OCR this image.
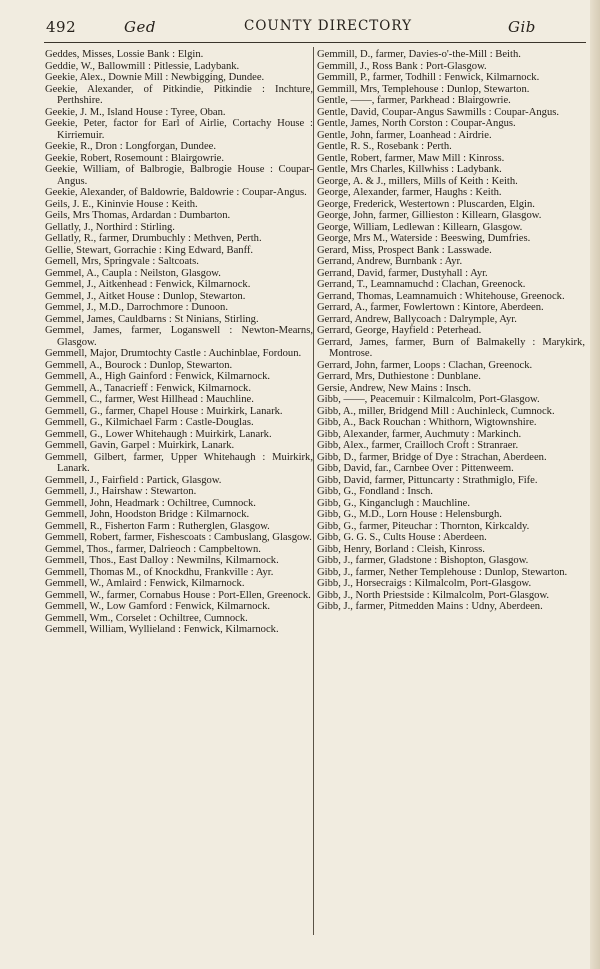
492	Ged	COUNTY DIRECTORY	Gib
Geddes, Misses, Lossie Bank : Elgin.
Geddie, W., Ballowmill : Pitlessie, Ladybank.
Geekie, Alex., Downie Mill : Newbigging, Dundee.
Geekie, Alexander, of Pitkindie, Pitkindie : Inchture, Perthshire.
Geekie, J. M., Island House : Tyree, Oban.
Geekie, Peter, factor for Earl of Airlie, Cortachy House : Kirriemuir.
Geekie, R., Dron : Longforgan, Dundee.
Geekie, Robert, Rosemount : Blairgowrie.
Geekie, William, of Balbrogie, Balbrogie House : Coupar-Angus.
Geekie, Alexander, of Baldowrie, Baldowrie : Coupar-Angus.
Geils, J. E., Kininvie House : Keith.
Geils, Mrs Thomas, Ardardan : Dumbarton.
Gellatly, J., Northird : Stirling.
Gellatly, R., farmer, Drumbuchly : Methven, Perth.
Gellie, Stewart, Gorrachie : King Edward, Banff.
Gemell, Mrs, Springvale : Saltcoats.
Gemmel, A., Caupla : Neilston, Glasgow.
Gemmel, J., Aitkenhead : Fenwick, Kilmarnock.
Gemmel, J., Aitket House : Dunlop, Stewarton.
Gemmel, J., M.D., Darrochmore : Dunoon.
Gemmel, James, Cauldbarns : St Ninians, Stirling.
Gemmel, James, farmer, Loganswell : Newton-Mearns, Glasgow.
Gemmell, Major, Drumtochty Castle : Auchinblae, Fordoun.
Gemmell, A., Bourock : Dunlop, Stewarton.
Gemmell, A., High Gainford : Fenwick, Kilmarnock.
Gemmell, A., Tanacrieff : Fenwick, Kilmarnock.
Gemmell, C., farmer, West Hillhead : Mauchline.
Gemmell, G., farmer, Chapel House : Muirkirk, Lanark.
Gemmell, G., Kilmichael Farm : Castle-Douglas.
Gemmell, G., Lower Whitehaugh : Muirkirk, Lanark.
Gemmell, Gavin, Garpel : Muirkirk, Lanark.
Gemmell, Gilbert, farmer, Upper Whitehaugh : Muirkirk, Lanark.
Gemmell, J., Fairfield : Partick, Glasgow.
Gemmell, J., Hairshaw : Stewarton.
Gemmell, John, Headmark : Ochiltree, Cumnock.
Gemmell, John, Hoodston Bridge : Kilmarnock.
Gemmell, R., Fisherton Farm : Rutherglen, Glasgow.
Gemmell, Robert, farmer, Fishescoats : Cambuslang, Glasgow.
Gemmel, Thos., farmer, Dalrieoch : Campbeltown.
Gemmell, Thos., East Dalloy : Newmilns, Kilmarnock.
Gemmell, Thomas M., of Knockdhu, Frankville : Ayr.
Gemmell, W., Amlaird : Fenwick, Kilmarnock.
Gemmell, W., farmer, Cornabus House : Port-Ellen, Greenock.
Gemmell, W., Low Gamford : Fenwick, Kilmarnock.
Gemmell, Wm., Corselet : Ochiltree, Cumnock.
Gemmell, William, Wyllieland : Fenwick, Kilmarnock.
Gemmill, D., farmer, Davies-o'-the-Mill : Beith.
Gemmill, J., Ross Bank : Port-Glasgow.
Gemmill, P., farmer, Todhill : Fenwick, Kilmarnock.
Gemmill, Mrs, Templehouse : Dunlop, Stewarton.
Gentle, ——, farmer, Parkhead : Blairgowrie.
Gentle, David, Coupar-Angus Sawmills : Coupar-Angus.
Gentle, James, North Corston : Coupar-Angus.
Gentle, John, farmer, Loanhead : Airdrie.
Gentle, R. S., Rosebank : Perth.
Gentle, Robert, farmer, Maw Mill : Kinross.
Gentle, Mrs Charles, Killwhiss : Ladybank.
George, A. & J., millers, Mills of Keith : Keith.
George, Alexander, farmer, Haughs : Keith.
George, Frederick, Westertown : Pluscarden, Elgin.
George, John, farmer, Gillieston : Killearn, Glasgow.
George, William, Ledlewan : Killearn, Glasgow.
George, Mrs M., Waterside : Beeswing, Dumfries.
Gerard, Miss, Prospect Bank : Lasswade.
Gerrand, Andrew, Burnbank : Ayr.
Gerrand, David, farmer, Dustyhall : Ayr.
Gerrand, T., Leamnamuchd : Clachan, Greenock.
Gerrand, Thomas, Leamnamuich : Whitehouse, Greenock.
Gerrard, A., farmer, Fowlertown : Kintore, Aberdeen.
Gerrard, Andrew, Ballycoach : Dalrymple, Ayr.
Gerrard, George, Hayfield : Peterhead.
Gerrard, James, farmer, Burn of Balmakelly : Marykirk, Montrose.
Gerrard, John, farmer, Loops : Clachan, Greenock.
Gerrard, Mrs, Duthiestone : Dunblane.
Gersie, Andrew, New Mains : Insch.
Gibb, ——, Peacemuir : Kilmalcolm, Port-Glasgow.
Gibb, A., miller, Bridgend Mill : Auchinleck, Cumnock.
Gibb, A., Back Rouchan : Whithorn, Wigtownshire.
Gibb, Alexander, farmer, Auchmuty : Markinch.
Gibb, Alex., farmer, Crailloch Croft : Stranraer.
Gibb, D., farmer, Bridge of Dye : Strachan, Aberdeen.
Gibb, David, far., Carnbee Over : Pittenweem.
Gibb, David, farmer, Pittuncarty : Strathmiglo, Fife.
Gibb, G., Fondland : Insch.
Gibb, G., Kinganclugh : Mauchline.
Gibb, G., M.D., Lorn House : Helensburgh.
Gibb, G., farmer, Piteuchar : Thornton, Kirkcaldy.
Gibb, G. G. S., Cults House : Aberdeen.
Gibb, Henry, Borland : Cleish, Kinross.
Gibb, J., farmer, Gladstone : Bishopton, Glasgow.
Gibb, J., farmer, Nether Templehouse : Dunlop, Stewarton.
Gibb, J., Horsecraigs : Kilmalcolm, Port-Glasgow.
Gibb, J., North Priestside : Kilmalcolm, Port-Glasgow.
Gibb, J., farmer, Pitmedden Mains : Udny, Aberdeen.
